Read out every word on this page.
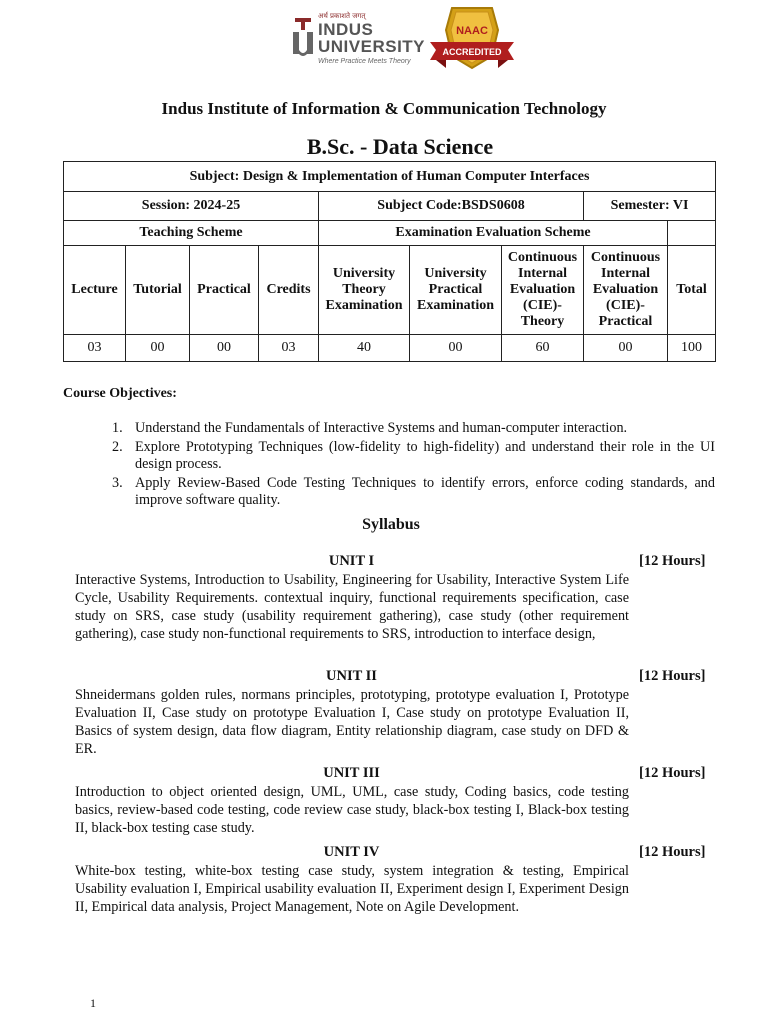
अर्थ प्रकाशते जगत्
INDUS
UNIVERSITY
Where Practice Meets Theory
NAAC
ACCREDITED
Indus Institute of Information & Communication Technology
B.Sc. - Data Science
Subject: Design & Implementation of Human Computer Interfaces								
Session: 2024-25				Subject Code:BSDS0608			Semester: VI	
Teaching Scheme				Examination Evaluation Scheme				
Lecture	Tutorial	Practical	Credits	University Theory Examination	University Practical Examination	Continuous Internal Evaluation (CIE)- Theory	Continuous Internal Evaluation (CIE)- Practical	Total
03	00	00	03	40	00	60	00	100
Course Objectives:
1. Understand the Fundamentals of Interactive Systems and human-computer interaction.
2. Explore Prototyping Techniques (low-fidelity to high-fidelity) and understand their role in the UI design process.
3. Apply Review-Based Code Testing Techniques to identify errors, enforce coding standards, and improve software quality.
Syllabus
UNIT I	[12 Hours]
Interactive Systems, Introduction to Usability, Engineering for Usability, Interactive System Life Cycle, Usability Requirements. contextual inquiry, functional requirements specification, case study on SRS, case study (usability requirement gathering), case study (other requirement gathering), case study non-functional requirements to SRS, introduction to interface design,
UNIT II	[12 Hours]
Shneidermans golden rules, normans principles, prototyping, prototype evaluation I, Prototype Evaluation II, Case study on prototype Evaluation I, Case study on prototype Evaluation II, Basics of system design, data flow diagram, Entity relationship diagram, case study on DFD & ER.
UNIT III	[12 Hours]
Introduction to object oriented design, UML, UML, case study, Coding basics, code testing basics, review-based code testing, code review case study, black-box testing I, Black-box testing II, black-box testing case study.
UNIT IV	[12 Hours]
White-box testing, white-box testing case study, system integration & testing, Empirical Usability evaluation I, Empirical usability evaluation II, Experiment design I, Experiment Design II, Empirical data analysis, Project Management, Note on Agile Development.
1
